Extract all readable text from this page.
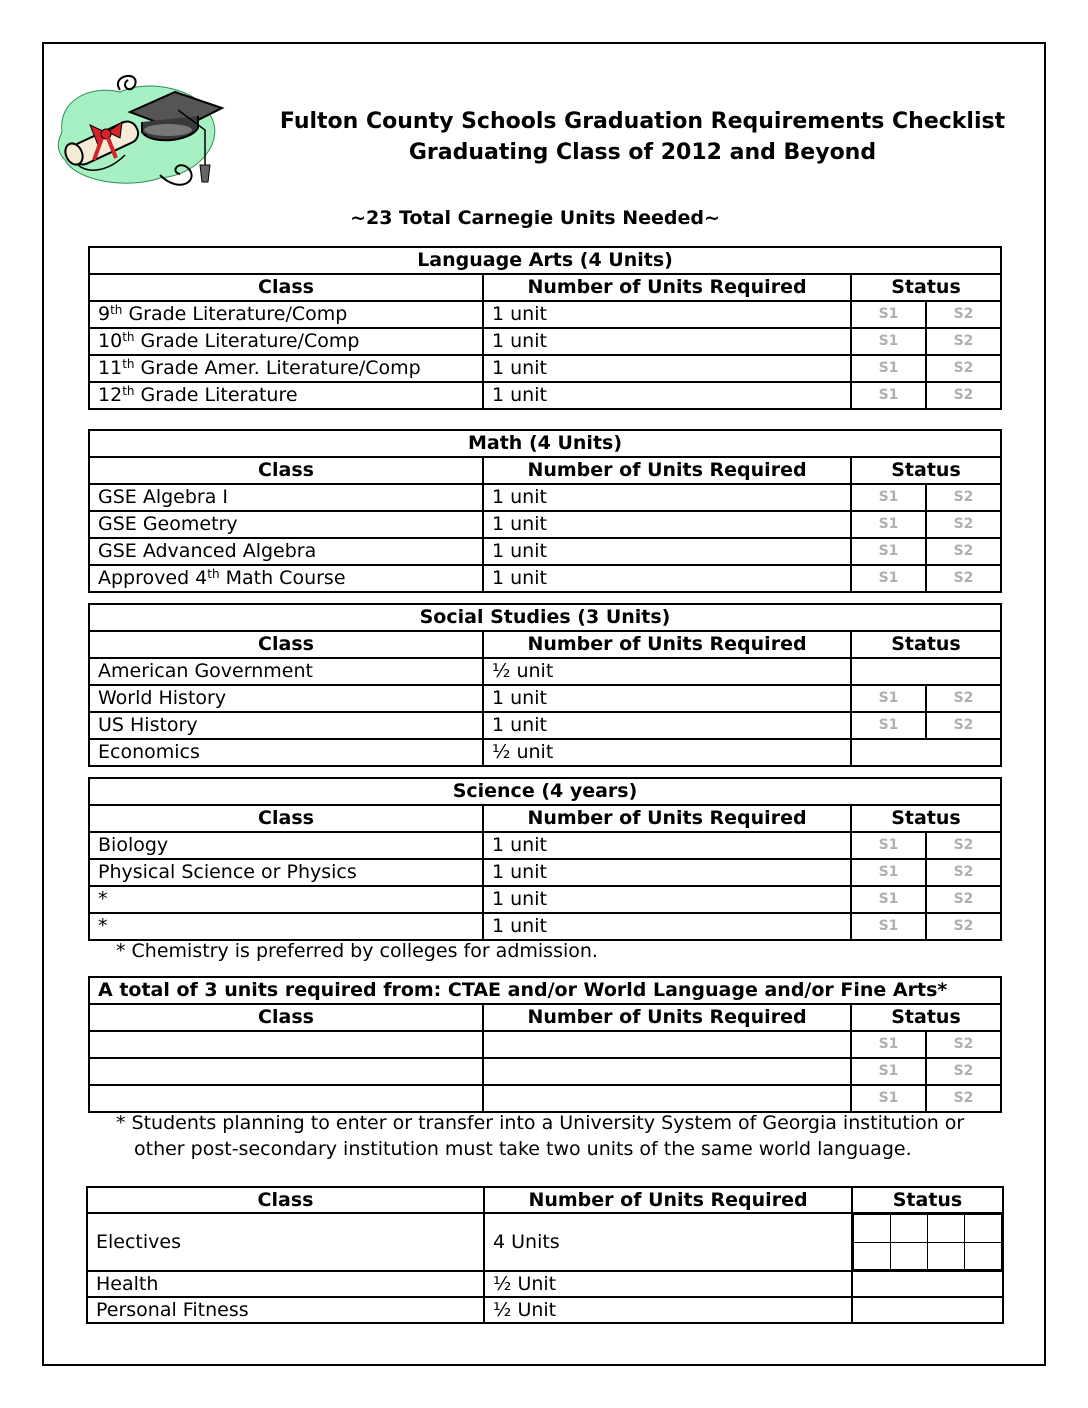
Fulton County Schools Graduation Requirements Checklist
Graduating Class of 2012 and Beyond
~23 Total Carnegie Units Needed~
Language Arts (4 Units)			
Class	Number of Units Required	Status	
9th Grade Literature/Comp	1 unit	S1	S2
10th Grade Literature/Comp	1 unit	S1	S2
11th Grade Amer. Literature/Comp	1 unit	S1	S2
12th Grade Literature	1 unit	S1	S2
Math (4 Units)			
Class	Number of Units Required	Status	
GSE Algebra I	1 unit	S1	S2
GSE Geometry	1 unit	S1	S2
GSE Advanced Algebra	1 unit	S1	S2
Approved 4th Math Course	1 unit	S1	S2
Social Studies (3 Units)			
Class	Number of Units Required	Status	
American Government	½ unit		
World History	1 unit	S1	S2
US History	1 unit	S1	S2
Economics	½ unit		
Science (4 years)			
Class	Number of Units Required	Status	
Biology	1 unit	S1	S2
Physical Science or Physics	1 unit	S1	S2
*	1 unit	S1	S2
*	1 unit	S1	S2
* Chemistry is preferred by colleges for admission.
A total of 3 units required from: CTAE and/or World Language and/or Fine Arts*			
Class	Number of Units Required	Status	
		S1	S2
		S1	S2
		S1	S2
* Students planning to enter or transfer into a University System of Georgia institution or
other post-secondary institution must take two units of the same world language.
Class	Number of Units Required	Status
Electives	4 Units	

Health	½ Unit	
Personal Fitness	½ Unit	
